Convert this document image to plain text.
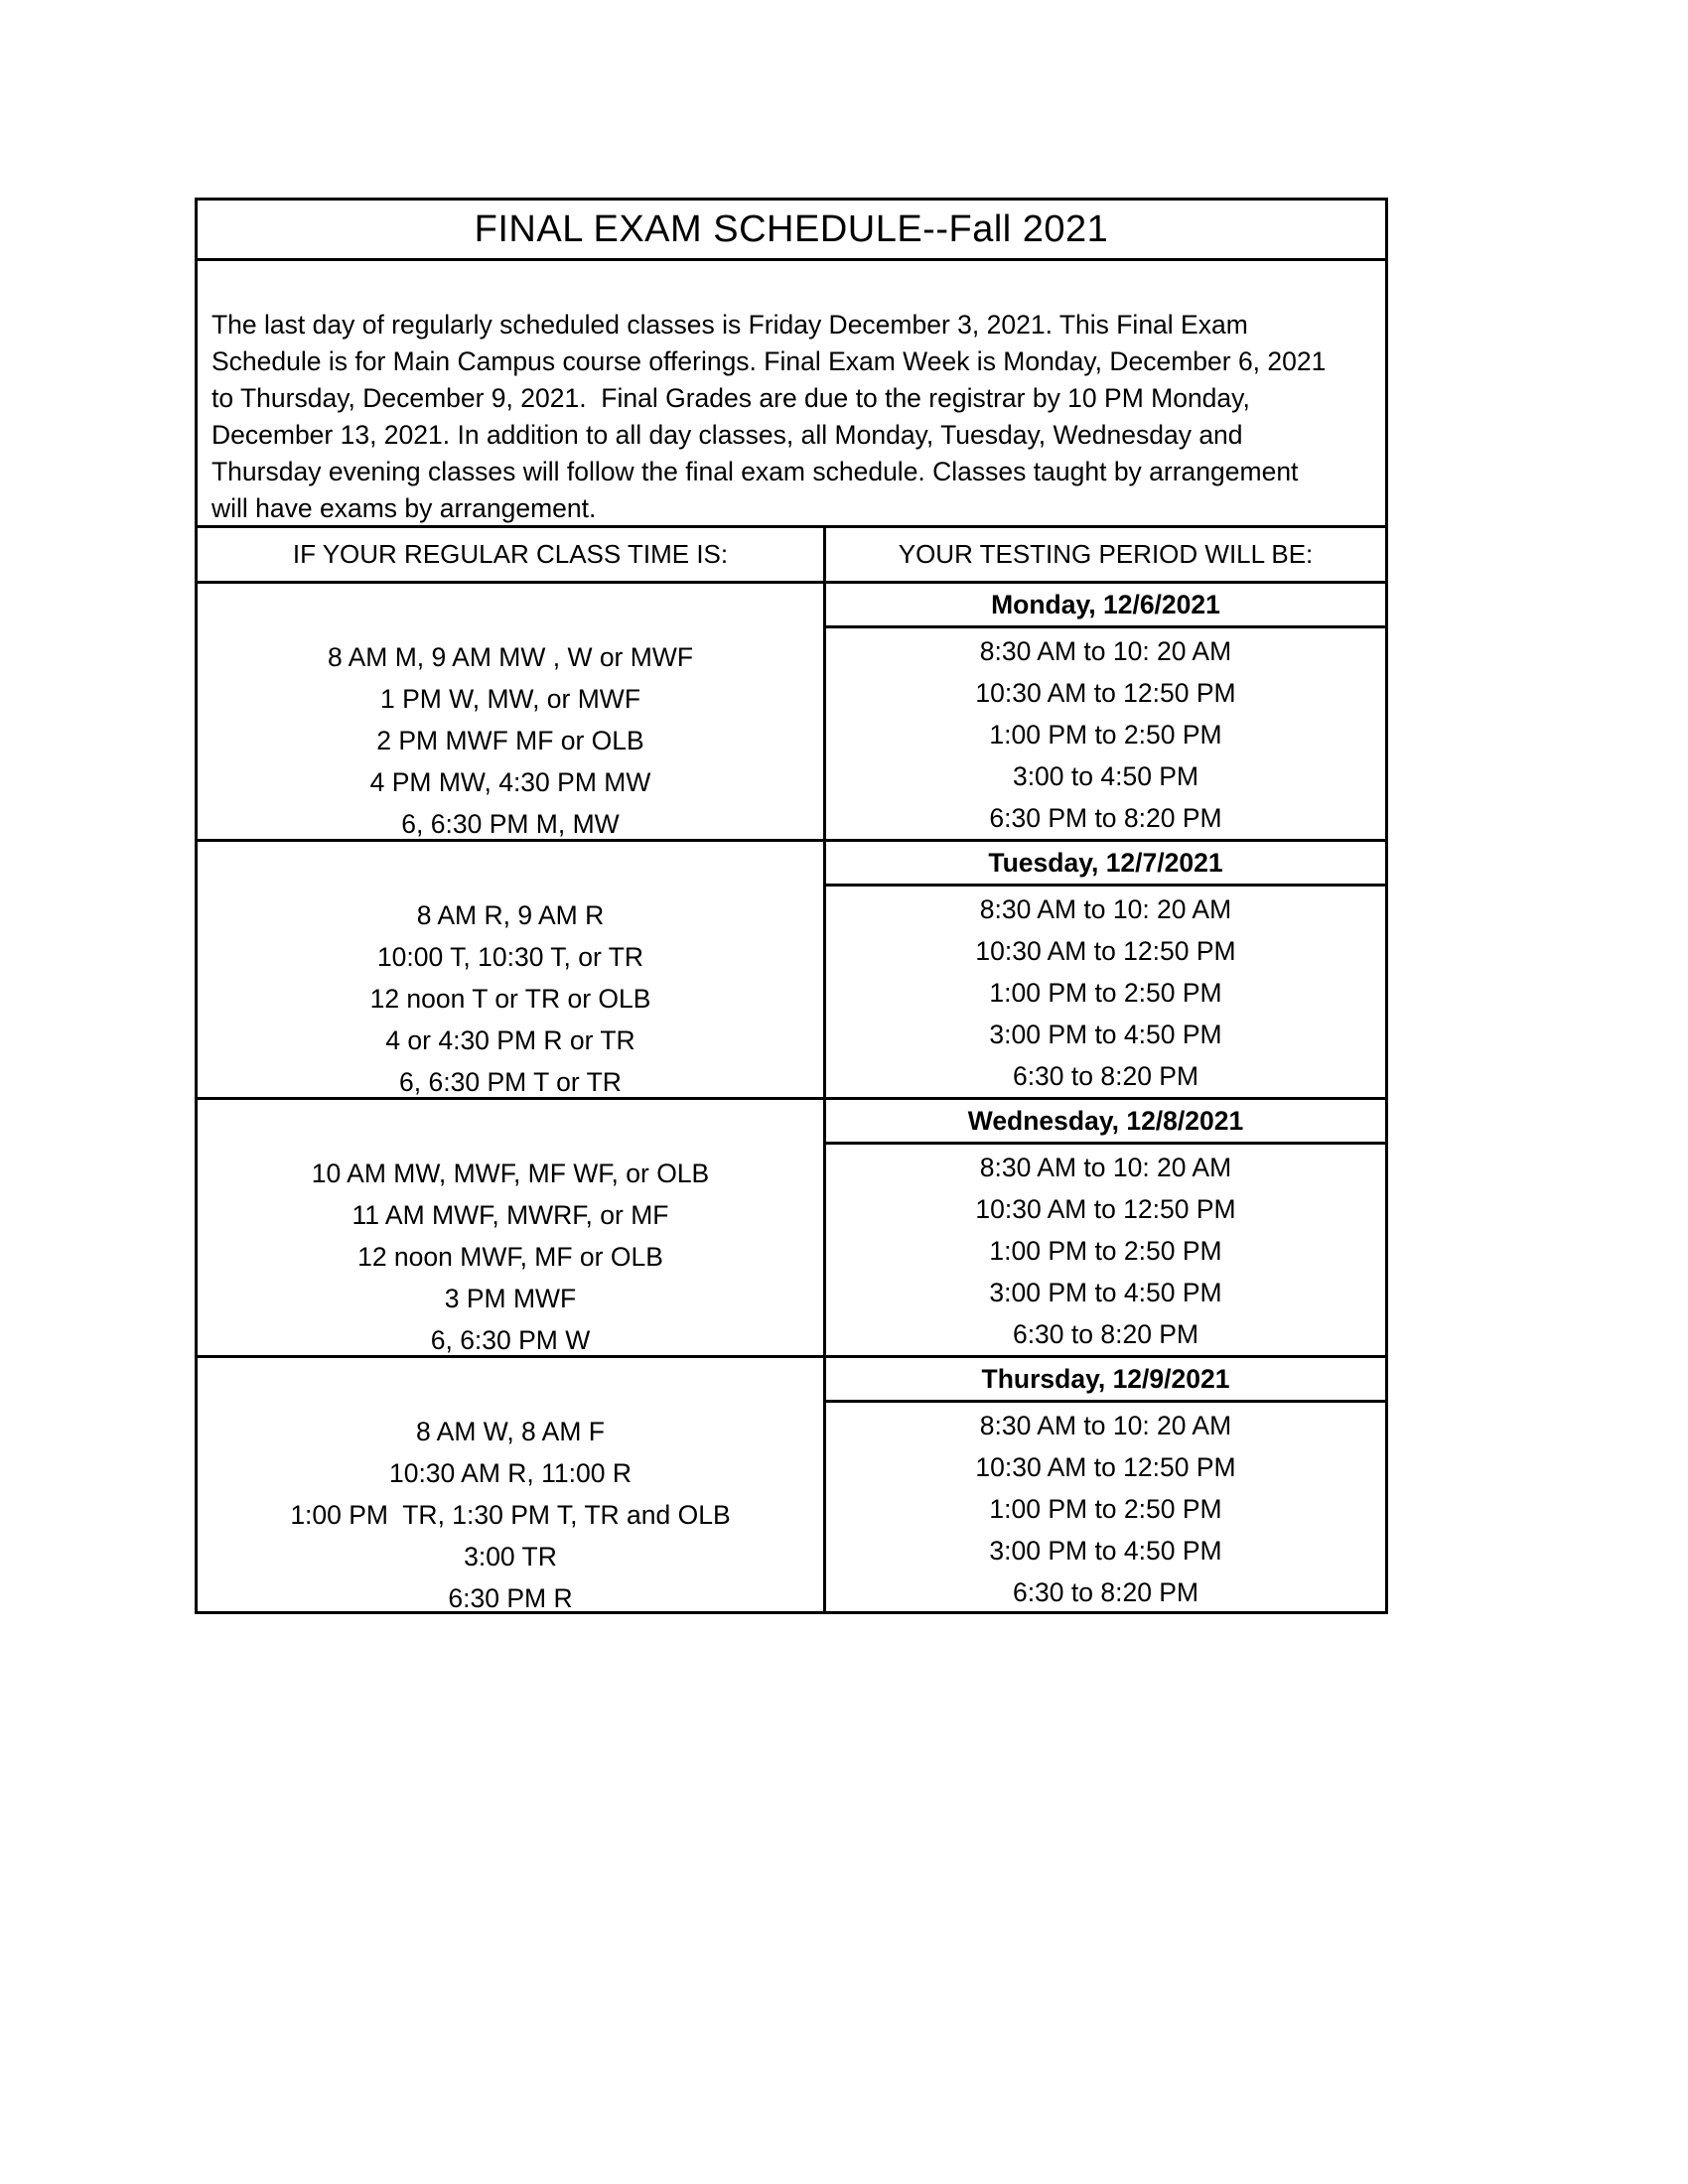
FINAL EXAM SCHEDULE--Fall 2021
The last day of regularly scheduled classes is Friday December 3, 2021. This Final Exam
Schedule is for Main Campus course offerings. Final Exam Week is Monday, December 6, 2021
to Thursday, December 9, 2021.  Final Grades are due to the registrar by 10 PM Monday,
December 13, 2021. In addition to all day classes, all Monday, Tuesday, Wednesday and
Thursday evening classes will follow the final exam schedule. Classes taught by arrangement
will have exams by arrangement.
IF YOUR REGULAR CLASS TIME IS:	YOUR TESTING PERIOD WILL BE:
8 AM M, 9 AM MW , W or MWF
1 PM W, MW, or MWF
2 PM MWF MF or OLB
4 PM MW, 4:30 PM MW
6, 6:30 PM M, MW
Monday, 12/6/2021
8:30 AM to 10: 20 AM
10:30 AM to 12:50 PM
1:00 PM to 2:50 PM
3:00 to 4:50 PM
6:30 PM to 8:20 PM
8 AM R, 9 AM R
10:00 T, 10:30 T, or TR
12 noon T or TR or OLB
4 or 4:30 PM R or TR
6, 6:30 PM T or TR
Tuesday, 12/7/2021
8:30 AM to 10: 20 AM
10:30 AM to 12:50 PM
1:00 PM to 2:50 PM
3:00 PM to 4:50 PM
6:30 to 8:20 PM
10 AM MW, MWF, MF WF, or OLB
11 AM MWF, MWRF, or MF
12 noon MWF, MF or OLB
3 PM MWF
6, 6:30 PM W
Wednesday, 12/8/2021
8:30 AM to 10: 20 AM
10:30 AM to 12:50 PM
1:00 PM to 2:50 PM
3:00 PM to 4:50 PM
6:30 to 8:20 PM
8 AM W, 8 AM F
10:30 AM R, 11:00 R
1:00 PM  TR, 1:30 PM T, TR and OLB
3:00 TR
6:30 PM R
Thursday, 12/9/2021
8:30 AM to 10: 20 AM
10:30 AM to 12:50 PM
1:00 PM to 2:50 PM
3:00 PM to 4:50 PM
6:30 to 8:20 PM
